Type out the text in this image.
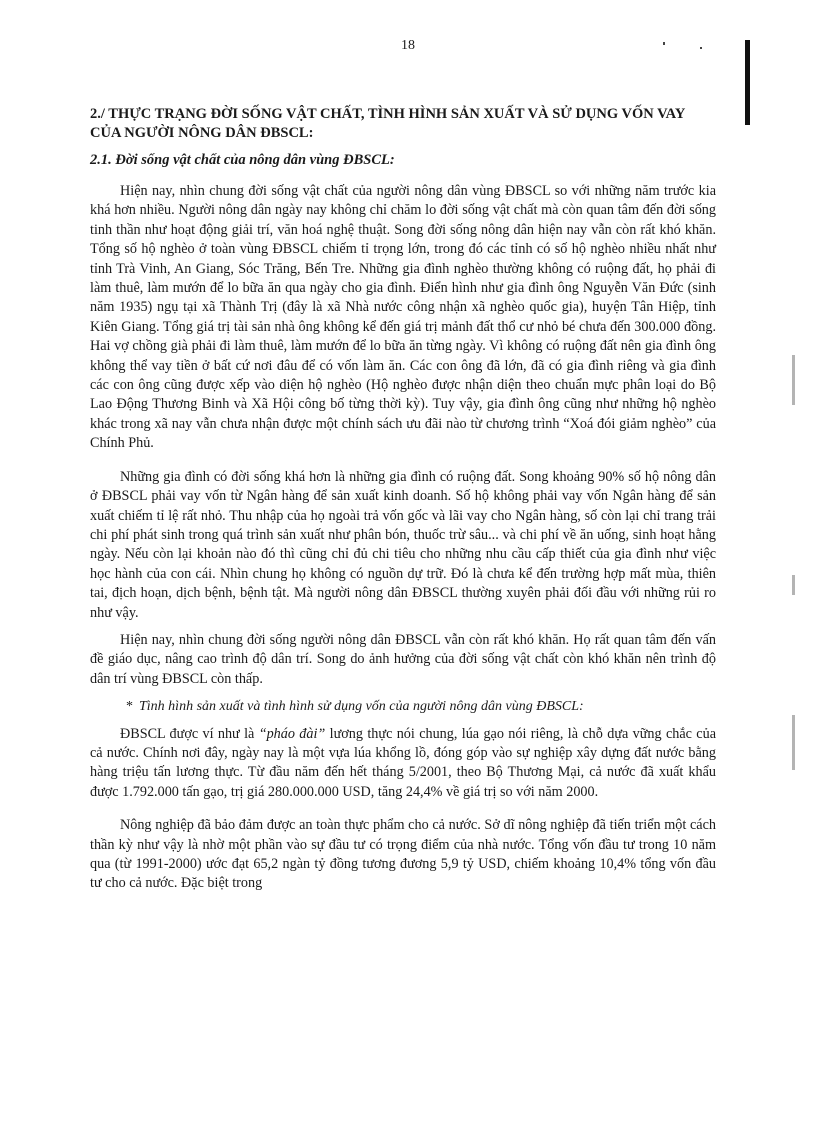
18
2./ THỰC TRẠNG ĐỜI SỐNG VẬT CHẤT, TÌNH HÌNH SẢN XUẤT VÀ SỬ DỤNG VỐN VAY CỦA NGƯỜI NÔNG DÂN ĐBSCL:
2.1. Đời sống vật chất của nông dân vùng ĐBSCL:

Hiện nay, nhìn chung đời sống vật chất của người nông dân vùng ĐBSCL so với những năm trước kia khá hơn nhiều. Người nông dân ngày nay không chỉ chăm lo đời sống vật chất mà còn quan tâm đến đời sống tinh thần như hoạt động giải trí, văn hoá nghệ thuật. Song đời sống nông dân hiện nay vẫn còn rất khó khăn. Tổng số hộ nghèo ở toàn vùng ĐBSCL chiếm tỉ trọng lớn, trong đó các tỉnh có số hộ nghèo nhiều nhất như tỉnh Trà Vinh, An Giang, Sóc Trăng, Bến Tre. Những gia đình nghèo thường không có ruộng đất, họ phải đi làm thuê, làm mướn để lo bữa ăn qua ngày cho gia đình. Điển hình như gia đình ông Nguyễn Văn Đức (sinh năm 1935) ngụ tại xã Thành Trị (đây là xã Nhà nước công nhận xã nghèo quốc gia), huyện Tân Hiệp, tỉnh Kiên Giang. Tổng giá trị tài sản nhà ông không kể đến giá trị mảnh đất thổ cư nhỏ bé chưa đến 300.000 đồng. Hai vợ chồng già phải đi làm thuê, làm mướn để lo bữa ăn từng ngày. Vì không có ruộng đất nên gia đình ông không thể vay tiền ở bất cứ nơi đâu để có vốn làm ăn. Các con ông đã lớn, đã có gia đình riêng và gia đình các con ông cũng được xếp vào diện hộ nghèo (Hộ nghèo được nhận diện theo chuẩn mực phân loại do Bộ Lao Động Thương Binh và Xã Hội công bố từng thời kỳ). Tuy vậy, gia đình ông cũng như những hộ nghèo khác trong xã nay vẫn chưa nhận được một chính sách ưu đãi nào từ chương trình “Xoá đói giảm nghèo” của Chính Phủ.

Những gia đình có đời sống khá hơn là những gia đình có ruộng đất. Song khoảng 90% số hộ nông dân ở ĐBSCL phải vay vốn từ Ngân hàng để sản xuất kinh doanh. Số hộ không phải vay vốn Ngân hàng để sản xuất chiếm tỉ lệ rất nhỏ. Thu nhập của họ ngoài trả vốn gốc và lãi vay cho Ngân hàng, số còn lại chỉ trang trải chi phí phát sinh trong quá trình sản xuất như phân bón, thuốc trừ sâu... và chi phí về ăn uống, sinh hoạt hằng ngày. Nếu còn lại khoản nào đó thì cũng chỉ đủ chi tiêu cho những nhu cầu cấp thiết của gia đình như việc học hành của con cái. Nhìn chung họ không có nguồn dự trữ. Đó là chưa kể đến trường hợp mất mùa, thiên tai, địch hoạn, dịch bệnh, bệnh tật. Mà người nông dân ĐBSCL thường xuyên phải đối đầu với những rủi ro như vậy.

Hiện nay, nhìn chung đời sống người nông dân ĐBSCL vẫn còn rất khó khăn. Họ rất quan tâm đến vấn đề giáo dục, nâng cao trình độ dân trí. Song do ảnh hưởng của đời sống vật chất còn khó khăn nên trình độ dân trí vùng ĐBSCL còn thấp.

* Tình hình sản xuất và tình hình sử dụng vốn của người nông dân vùng ĐBSCL:

ĐBSCL được ví như là “pháo đài” lương thực nói chung, lúa gạo nói riêng, là chỗ dựa vững chắc của cả nước. Chính nơi đây, ngày nay là một vựa lúa khổng lồ, đóng góp vào sự nghiệp xây dựng đất nước bằng hàng triệu tấn lương thực. Từ đầu năm đến hết tháng 5/2001, theo Bộ Thương Mại, cả nước đã xuất khẩu được 1.792.000 tấn gạo, trị giá 280.000.000 USD, tăng 24,4% về giá trị so với năm 2000.

Nông nghiệp đã bảo đảm được an toàn thực phẩm cho cả nước. Sở dĩ nông nghiệp đã tiến triển một cách thần kỳ như vậy là nhờ một phần vào sự đầu tư có trọng điểm của nhà nước. Tổng vốn đầu tư trong 10 năm qua (từ 1991-2000) ước đạt 65,2 ngàn tỷ đồng tương đương 5,9 tỷ USD, chiếm khoảng 10,4% tổng vốn đầu tư cho cả nước. Đặc biệt trong
